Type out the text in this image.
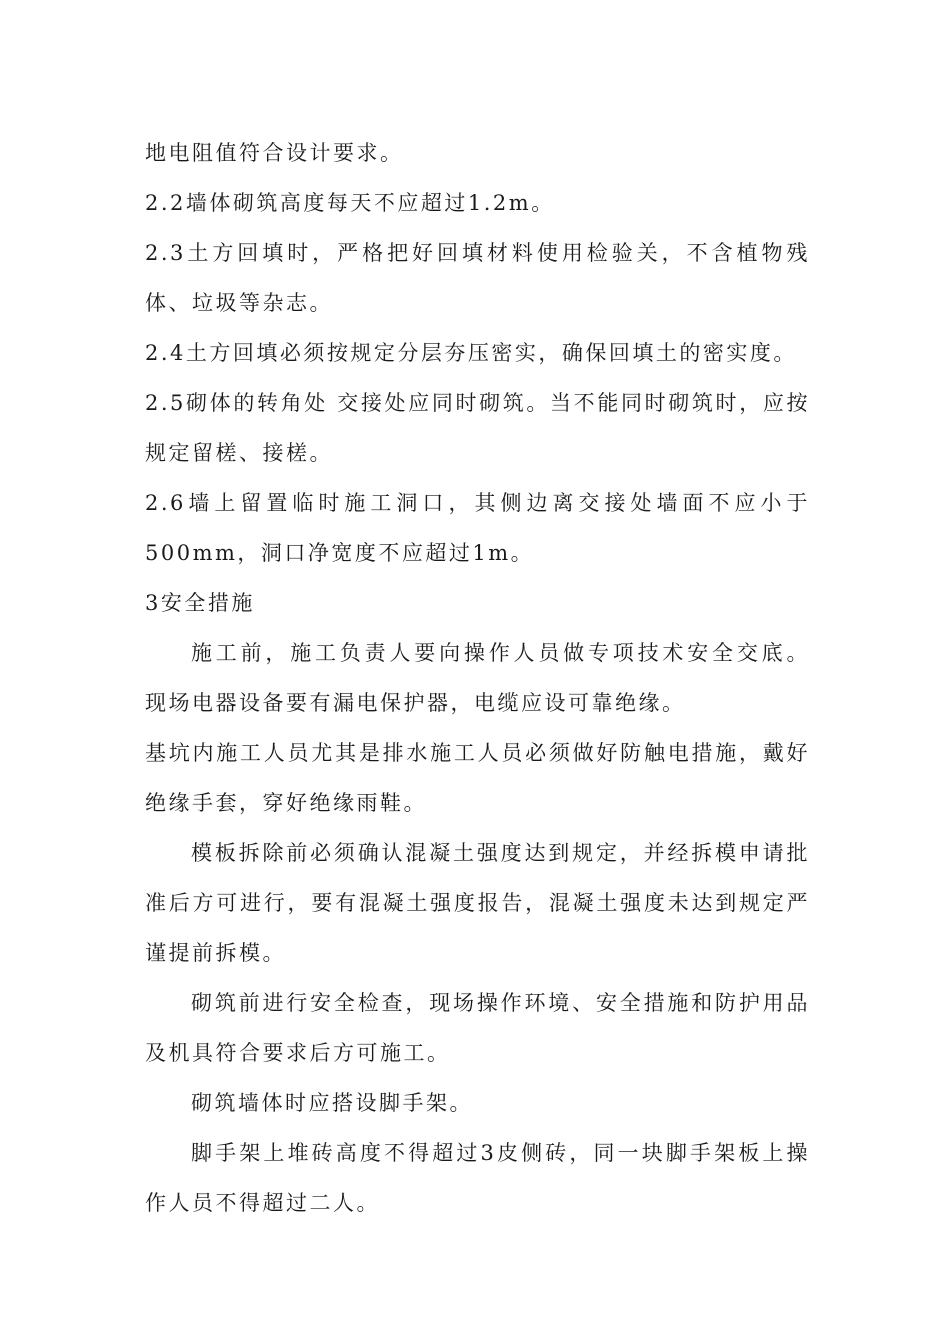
地电阻值符合设计要求。

2.2墙体砌筑高度每天不应超过1.2m。

2.3土方回填时，严格把好回填材料使用检验关，不含植物残体、垃圾等杂志。

2.4土方回填必须按规定分层夯压密实，确保回填土的密实度。

2.5砌体的转角处 交接处应同时砌筑。当不能同时砌筑时，应按规定留槎、接槎。

2.6墙上留置临时施工洞口，其侧边离交接处墙面不应小于500mm，洞口净宽度不应超过1m。

3安全措施

施工前，施工负责人要向操作人员做专项技术安全交底。 现场电器设备要有漏电保护器，电缆应设可靠绝缘。

基坑内施工人员尤其是排水施工人员必须做好防触电措施，戴好绝缘手套，穿好绝缘雨鞋。

模板拆除前必须确认混凝土强度达到规定，并经拆模申请批准后方可进行，要有混凝土强度报告，混凝土强度未达到规定严谨提前拆模。

砌筑前进行安全检查，现场操作环境、安全措施和防护用品及机具符合要求后方可施工。

砌筑墙体时应搭设脚手架。

脚手架上堆砖高度不得超过3皮侧砖，同一块脚手架板上操作人员不得超过二人。
